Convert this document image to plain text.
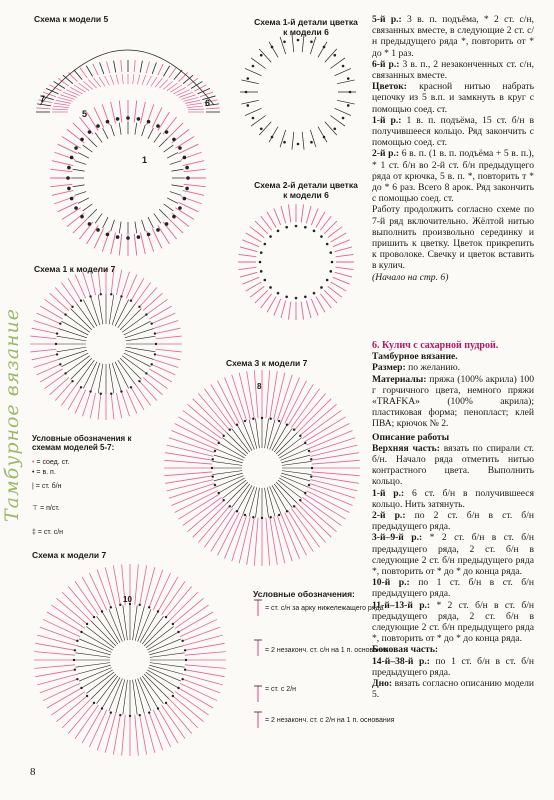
Тамбурное вязание
Схема к модели 5	Схема 1-й детали цветка к модели 6
Схема 2-й детали цветка к модели 6
Схема 1 к модели 7
Схема 3 к модели 7
Схема к модели 7
7
5
6
1
10
8
Условные обозначения к схемам моделей 5-7:
• = соед. ст.
• = в. п.
| = ст. б/н
⊤ = п/ст.
‡ = ст. с/н
Условные обозначения:
= ст. с/н за арку нижележащего ряда
= 2 незаконч. ст. с/н на 1 п. основания
= ст. с 2/н
= 2 незаконч. ст. с 2/н на 1 п. основания

5-й р.: 3 в. п. подъёма, * 2 ст. с/н, связанных вместе, в следующие 2 ст. с/н предыдущего ряда *, повторить от * до * 1 раз.

6-й р.: 3 в. п., 2 незаконченных ст. с/н, связанных вместе.

Цветок: красной нитью набрать цепочку из 5 в.п. и замкнуть в круг с помощью соед. ст.

1-й р.: 1 в. п. подъёма, 15 ст. б/н в получившееся кольцо. Ряд закончить с помощью соед. ст.

2-й р.: 6 в. п. (1 в. п. подъёма + 5 в. п.), * 1 ст. б/н во 2-й ст. б/н предыдущего ряда от крючка, 5 в. п. *, повторить т * до * 6 раз. Всего 8 арок. Ряд закончить с помощью соед. ст.

Работу продолжить согласно схеме по 7-й ряд включительно. Жёлтой нитью выполнить произвольно серединку и пришить к цветку. Цветок прикрепить к проволоке. Свечку и цветок вставить в кулич.

(Начало на стр. 6)

6. Кулич с сахарной пудрой.

Тамбурное вязание.

Размер: по желанию.

Материалы: пряжа (100% акрила) 100 г горчичного цвета, немного пряжи «TRAFKA» (100% акрила); пластиковая форма; пенопласт; клей ПВА; крючок № 2.

Описание работы

Верхняя часть: вязать по спирали ст. б/н. Начало ряда отметить нитью контрастного цвета. Выполнить кольцо.

1-й р.: 6 ст. б/н в получившееся кольцо. Нить затянуть.

2-й р.: по 2 ст. б/н в ст. б/н предыдущего ряда.

3-й–9-й р.: * 2 ст. б/н в ст. б/н предыдущего ряда, 2 ст. б/н в следующие 2 ст. б/н предыдущего ряда *, повторить от * до * до конца ряда.

10-й р.: по 1 ст. б/н в ст. б/н предыдущего ряда.

11-й–13-й р.: * 2 ст. б/н в ст. б/н предыдущего ряда, 2 ст. б/н в следующие 2 ст. б/н предыдущего ряда *, повторить от * до * до конца ряда.

Боковая часть:

14-й–38-й р.: по 1 ст. б/н в ст. б/н предыдущего ряда.

Дно: вязать согласно описанию модели 5.

8
